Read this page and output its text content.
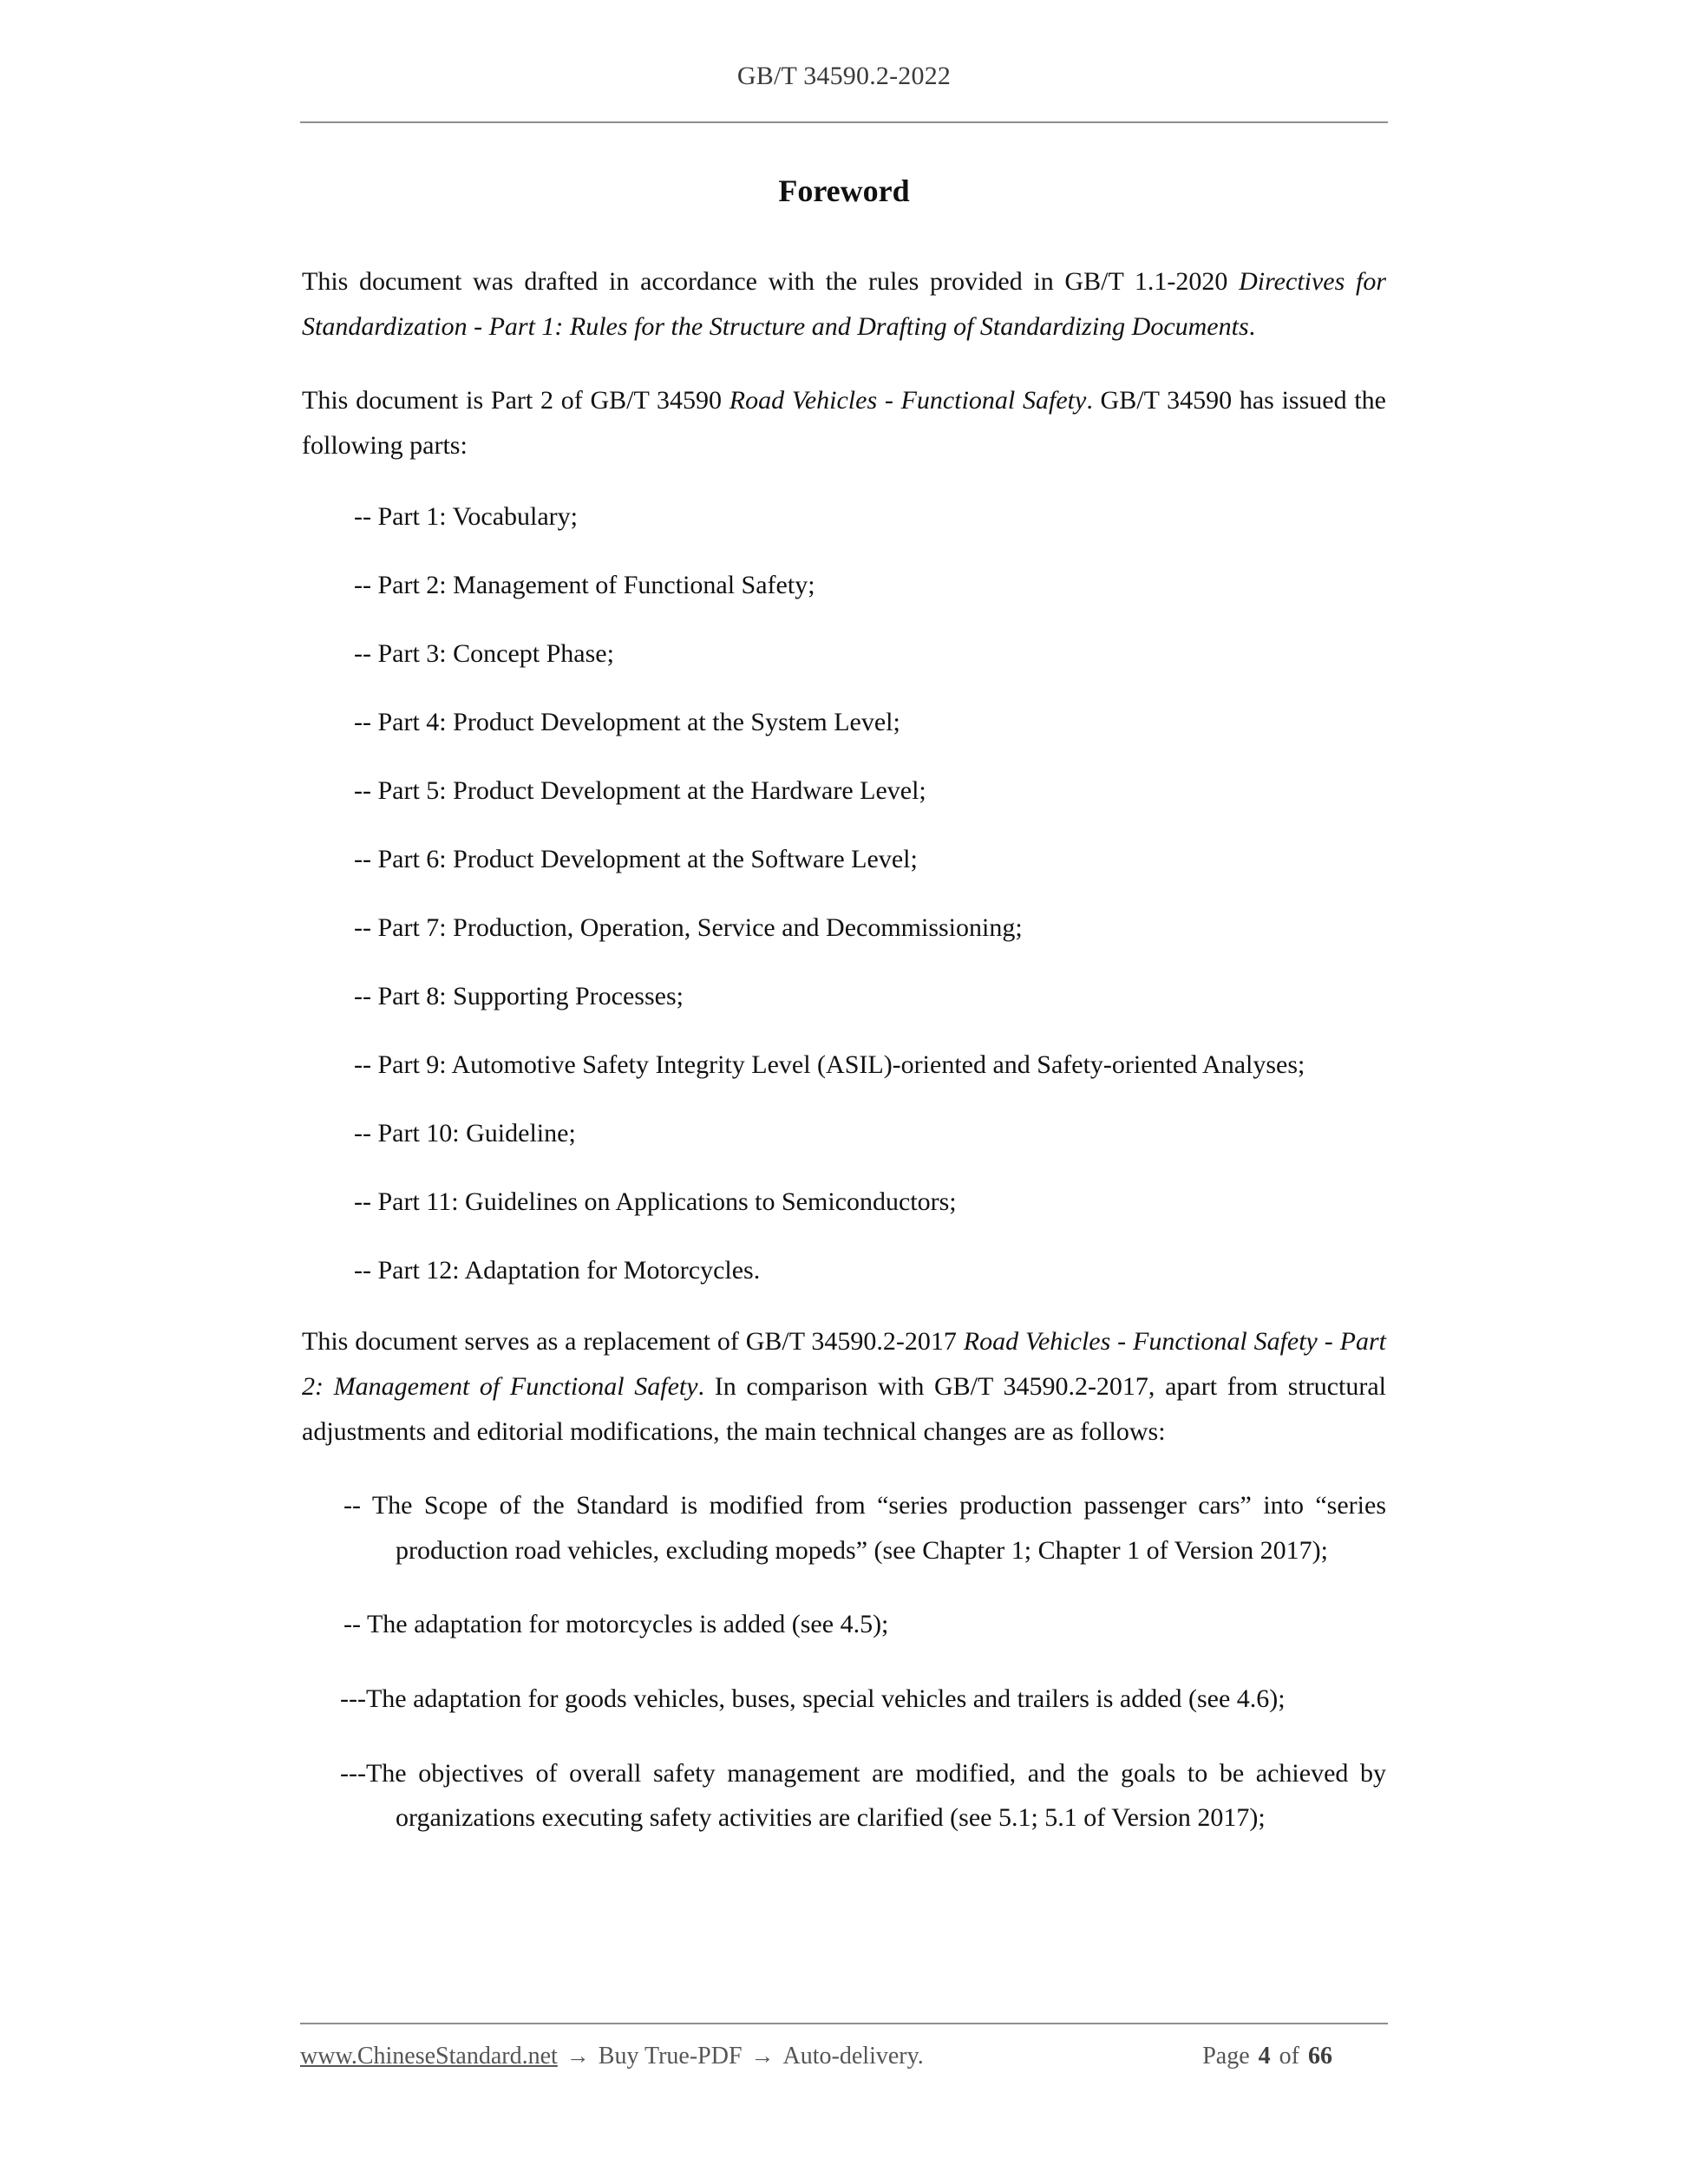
GB/T 34590.2-2022
Foreword

This document was drafted in accordance with the rules provided in GB/T 1.1-2020 Directives for Standardization - Part 1: Rules for the Structure and Drafting of Standardizing Documents.

This document is Part 2 of GB/T 34590 Road Vehicles - Functional Safety. GB/T 34590 has issued the following parts:

-- Part 1: Vocabulary;
-- Part 2: Management of Functional Safety;
-- Part 3: Concept Phase;
-- Part 4: Product Development at the System Level;
-- Part 5: Product Development at the Hardware Level;
-- Part 6: Product Development at the Software Level;
-- Part 7: Production, Operation, Service and Decommissioning;
-- Part 8: Supporting Processes;
-- Part 9: Automotive Safety Integrity Level (ASIL)-oriented and Safety-oriented Analyses;
-- Part 10: Guideline;
-- Part 11: Guidelines on Applications to Semiconductors;
-- Part 12: Adaptation for Motorcycles.

This document serves as a replacement of GB/T 34590.2-2017 Road Vehicles - Functional Safety - Part 2: Management of Functional Safety. In comparison with GB/T 34590.2-2017, apart from structural adjustments and editorial modifications, the main technical changes are as follows:

-- The Scope of the Standard is modified from “series production passenger cars” into “series production road vehicles, excluding mopeds” (see Chapter 1; Chapter 1 of Version 2017);
-- The adaptation for motorcycles is added (see 4.5);
---The adaptation for goods vehicles, buses, special vehicles and trailers is added (see 4.6);
---The objectives of overall safety management are modified, and the goals to be achieved by organizations executing safety activities are clarified (see 5.1; 5.1 of Version 2017);
www.ChineseStandard.net → Buy True-PDF → Auto-delivery.	Page 4 of 66
